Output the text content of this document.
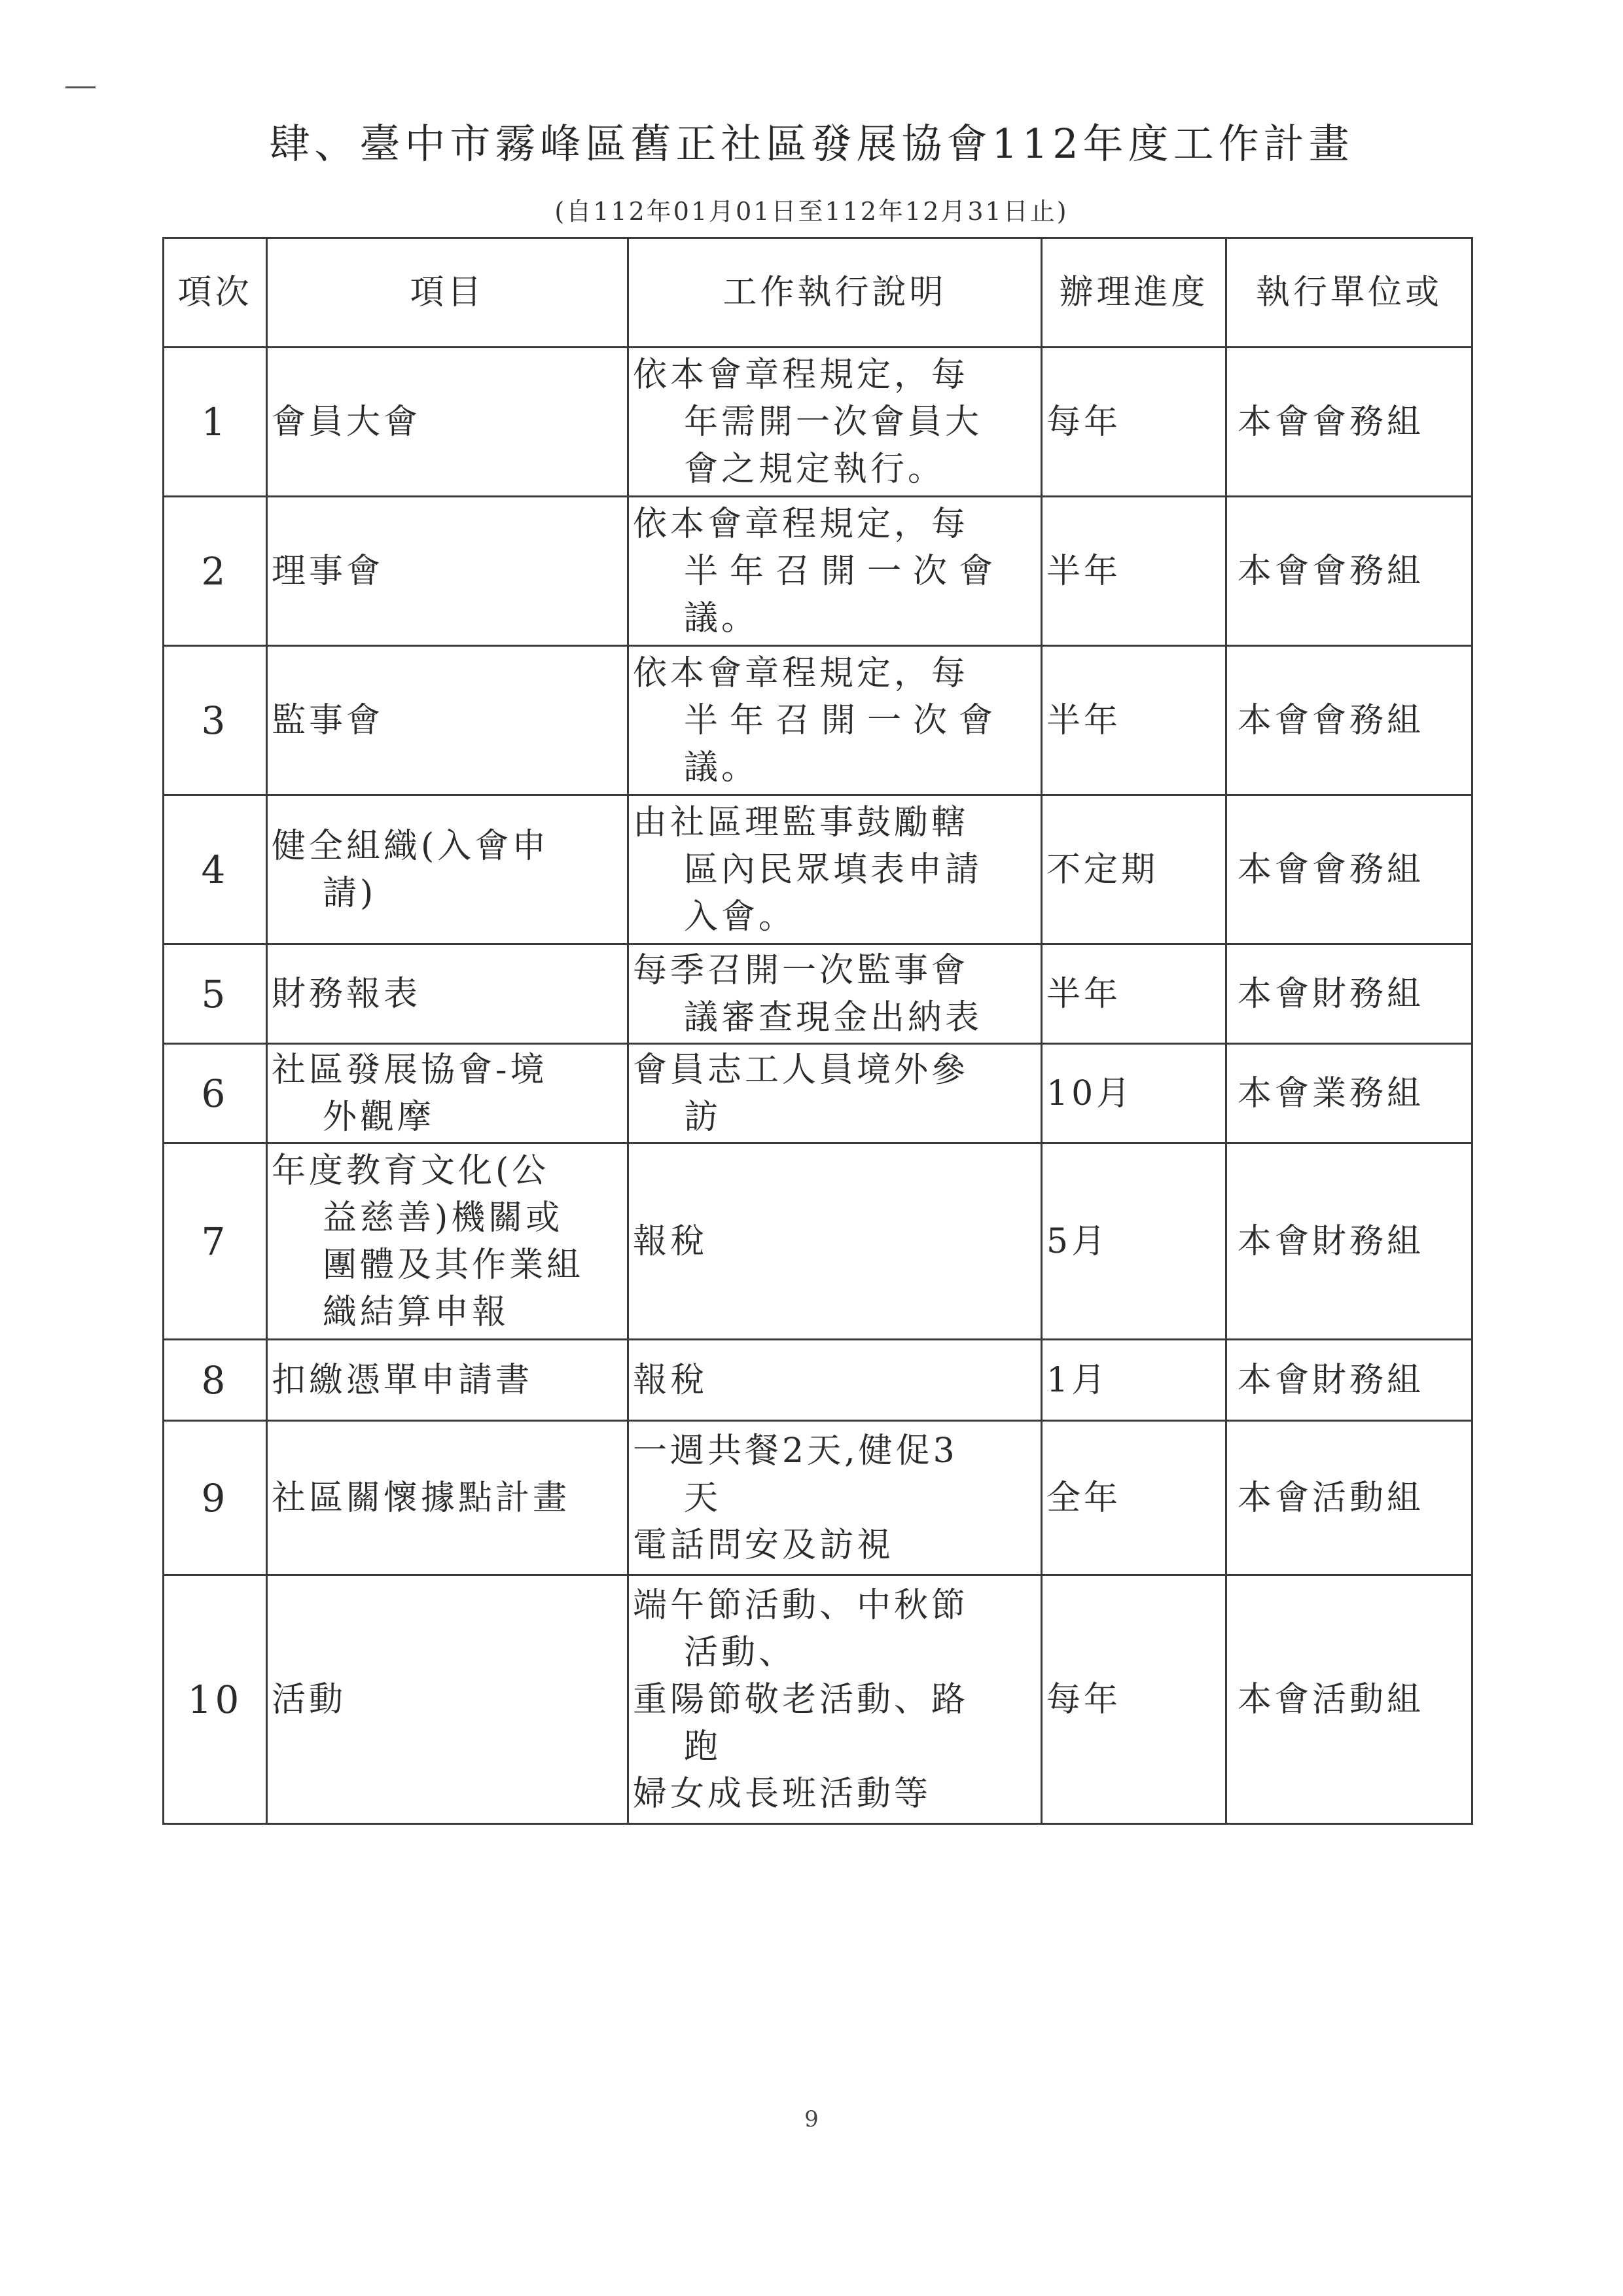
肆、臺中市霧峰區舊正社區發展協會112年度工作計畫
(自112年01月01日至112年12月31日止)
項次	項目	工作執行說明	辦理進度	執行單位或
1	會員大會	依本會章程規定，每
年需開一次會員大
會之規定執行。	每年	本會會務組
2	理事會	依本會章程規定，每
半年召開一次會
議。	半年	本會會務組
3	監事會	依本會章程規定，每
半年召開一次會
議。	半年	本會會務組
4	健全組織(入會申
請)	由社區理監事鼓勵轄
區內民眾填表申請
入會。	不定期	本會會務組
5	財務報表	每季召開一次監事會
議審查現金出納表	半年	本會財務組
6	社區發展協會-境
外觀摩	會員志工人員境外參
訪	10月	本會業務組
7	年度教育文化(公
益慈善)機關或
團體及其作業組
織結算申報	報稅	5月	本會財務組
8	扣繳憑單申請書	報稅	1月	本會財務組
9	社區關懷據點計畫	一週共餐2天,健促3
天
電話問安及訪視	全年	本會活動組
10	活動	端午節活動、中秋節
活動、
重陽節敬老活動、路
跑
婦女成長班活動等	每年	本會活動組
9
